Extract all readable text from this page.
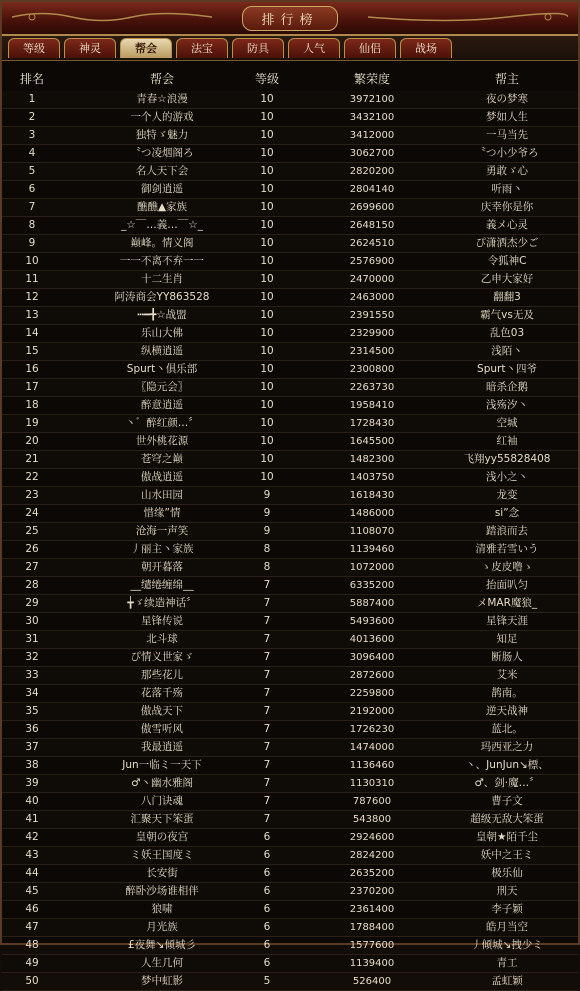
排行榜
等级	神灵	帮会	法宝	防具	人气	仙侣	战场
排名	帮会	等级	繁荣度	帮主
1	青春☆浪漫	10	3972100	夜の梦寒
2	一个人的游戏	10	3432100	梦如人生
3	独特ゞ魅力	10	3412000	一马当先
4	〝つ凌烟阁ろ	10	3062700	〝つ小少爷ろ
5	名人天下会	10	2820200	勇敢ゞ心
6	御剑逍遥	10	2804140	听雨丶
7	醮醮▲家族	10	2699600	庆幸你是你
8	_☆￣…義…￣☆_	10	2648150	義メ心灵
9	巅峰。情义阁	10	2624510	ぴ潇洒杰少ご
10	一一不离不弃一一	10	2576900	令狐神C
11	十二生肖	10	2470000	乙申大家好
12	阿涛商会YY863528	10	2463000	翻翻3
13	┅━╋☆战盟	10	2391550	霸气vs无及
14	乐山大佛	10	2329900	乱色03
15	纵横逍遥	10	2314500	浅陌丶
16	Spurt丶俱乐部	10	2300800	Spurt丶四爷
17	〖隐元会〗	10	2263730	暗杀企鹅
18	醉意逍遥	10	1958410	浅殇汐丶
19	丶゛醉红颜…〞	10	1728430	空城
20	世外桃花源	10	1645500	红袖
21	苍穹之巅	10	1482300	飞翔yy55828408
22	傲战逍遥	10	1403750	浅小之丶
23	山水田园	9	1618430	龙变
24	惜缘”情	9	1486000	si”念
25	沧海一声笑	9	1108070	踏浪而去
26	丿丽主丶家族	8	1139460	清雅若雪いう
27	朝开暮落	8	1072000	ゝ皮皮噜ゝ
28	__缱绻缠绵__	7	6335200	抬面叭匀
29	╈ゞ续造神话〞	7	5887400	メMAR魔狼_
30	星锋传说	7	5493600	星锋天涯
31	北斗球	7	4013600	知足
32	ぴ情义世家ゞ	7	3096400	断肠人
33	那些花儿	7	2872600	艾米
34	花落千殇	7	2259800	鹊南。
35	傲战天下	7	2192000	逆天战神
36	傲雪听风	7	1726230	蓝北。
37	我最逍遥	7	1474000	玛西亚之力
38	Jun一临ミ一天下	7	1136460	丶、JunJun↘標、
39	♂丶幽水雅阁	7	1130310	♂、剑·魔…〞
40	八门诀魂	7	787600	曹子文
41	汇聚天下笨蛋	7	543800	超级无敌大笨蛋
42	皇朝の夜宫	6	2924600	皇朝★陌千尘
43	ミ妖王国度ミ	6	2824200	妖中之王ミ
44	长安街	6	2635200	极乐仙
45	醉卧沙场谁相伴	6	2370200	刑天
46	狼啸	6	2361400	李子颖
47	月光族	6	1788400	皓月当空
48	£夜舞↘倾城彡	6	1577600	丿倾城↘拽少ミ
49	人生几何	6	1139400	青工
50	梦中虹影	5	526400	孟虹颖
